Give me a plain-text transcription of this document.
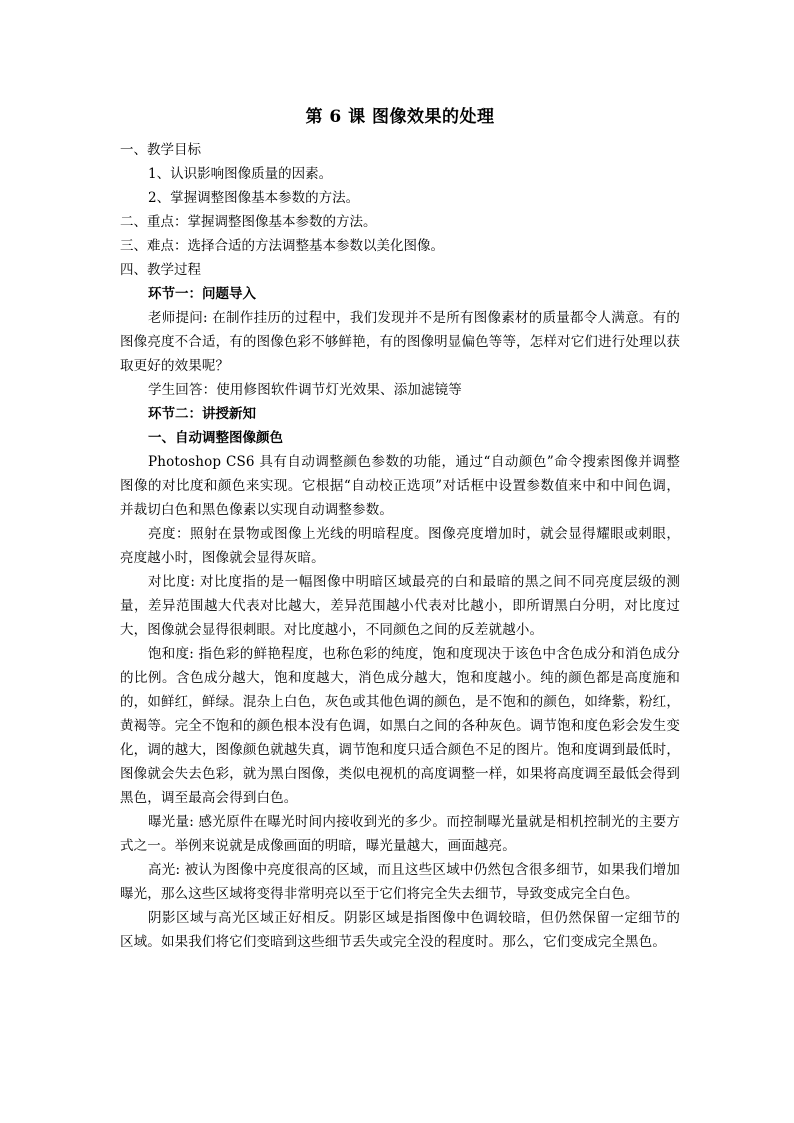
第 6 课 图像效果的处理

一、教学目标

1、认识影响图像质量的因素。

2、掌握调整图像基本参数的方法。

二、重点：掌握调整图像基本参数的方法。

三、难点：选择合适的方法调整基本参数以美化图像。

四、教学过程

环节一：问题导入

老师提问: 在制作挂历的过程中，我们发现并不是所有图像素材的质量都令人满意。有的图像亮度不合适，有的图像色彩不够鲜艳，有的图像明显偏色等等，怎样对它们进行处理以获取更好的效果呢？

学生回答：使用修图软件调节灯光效果、添加滤镜等

环节二：讲授新知

一、自动调整图像颜色

Photoshop CS6 具有自动调整颜色参数的功能，通过“自动颜色”命令搜索图像并调整图像的对比度和颜色来实现。它根据“自动校正选项”对话框中设置参数值来中和中间色调，并裁切白色和黑色像素以实现自动调整参数。

亮度：照射在景物或图像上光线的明暗程度。图像亮度增加时，就会显得耀眼或刺眼，亮度越小时，图像就会显得灰暗。

对比度: 对比度指的是一幅图像中明暗区域最亮的白和最暗的黑之间不同亮度层级的测量，差异范围越大代表对比越大，差异范围越小代表对比越小，即所谓黑白分明，对比度过大，图像就会显得很刺眼。对比度越小，不同颜色之间的反差就越小。

饱和度: 指色彩的鲜艳程度，也称色彩的纯度，饱和度现决于该色中含色成分和消色成分的比例。含色成分越大，饱和度越大，消色成分越大，饱和度越小。纯的颜色都是高度施和的，如鲜红，鲜绿。混杂上白色，灰色或其他色调的颜色，是不饱和的颜色，如绛紫，粉红，黄褐等。完全不饱和的颜色根本没有色调，如黑白之间的各种灰色。调节饱和度色彩会发生变化，调的越大，图像颜色就越失真，调节饱和度只适合颜色不足的图片。饱和度调到最低时，图像就会失去色彩，就为黑白图像，类似电视机的高度调整一样，如果将高度调至最低会得到黑色，调至最高会得到白色。

曝光量: 感光原件在曝光时间内接收到光的多少。而控制曝光量就是相机控制光的主要方式之一。举例来说就是成像画面的明暗，曝光量越大，画面越亮。

高光: 被认为图像中亮度很高的区域，而且这些区域中仍然包含很多细节，如果我们增加曝光，那么这些区域将变得非常明亮以至于它们将完全失去细节，导致变成完全白色。

阴影区域与高光区域正好相反。阴影区域是指图像中色调较暗，但仍然保留一定细节的区域。如果我们将它们变暗到这些细节丢失或完全没的程度时。那么，它们变成完全黑色。
